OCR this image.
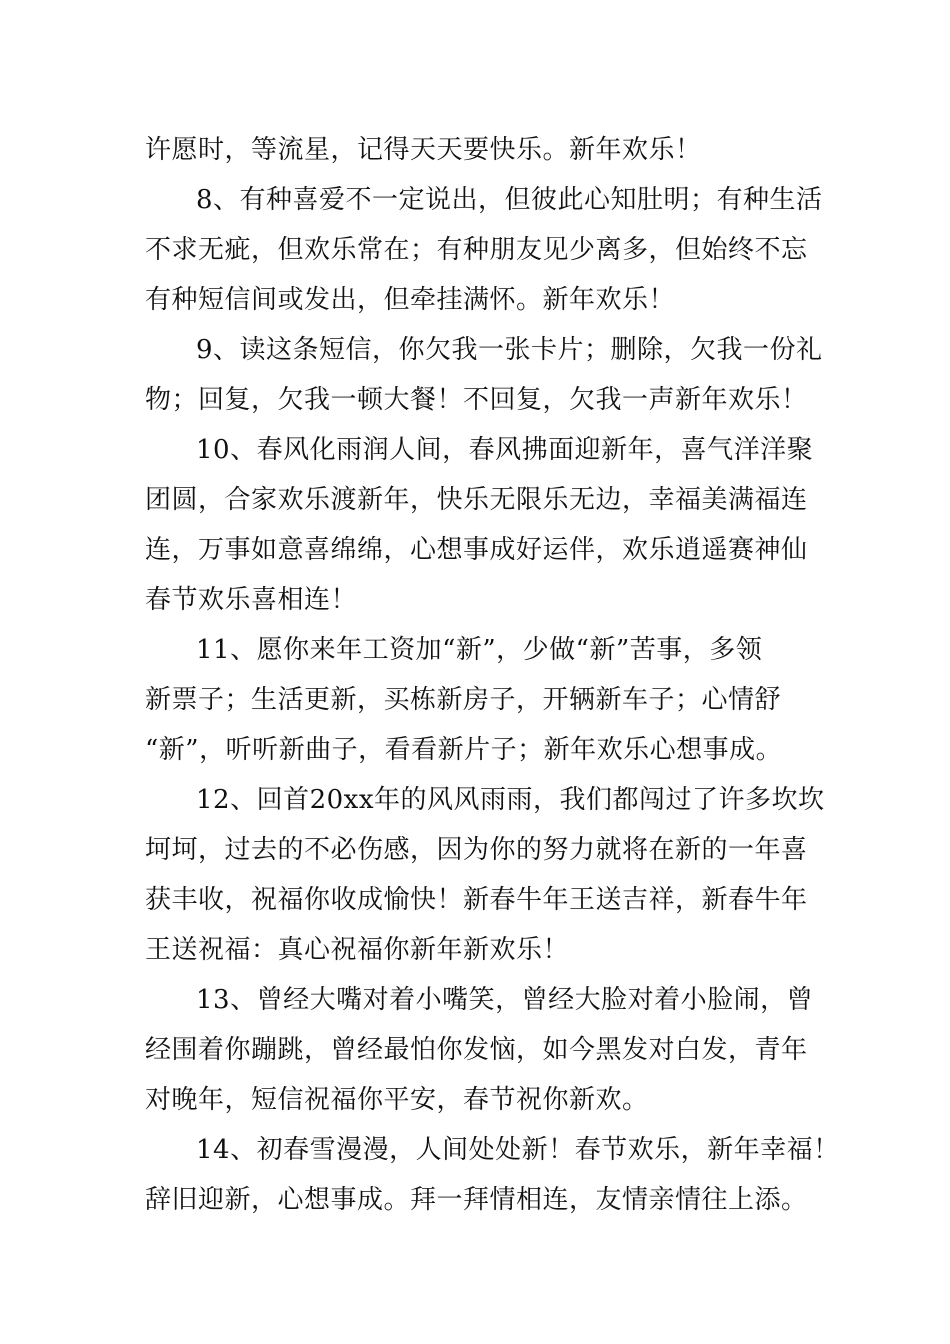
许愿时，等流星，记得天天要快乐。新年欢乐！
8、有种喜爱不一定说出，但彼此心知肚明；有种生活
不求无疵，但欢乐常在；有种朋友见少离多，但始终不忘
有种短信间或发出，但牵挂满怀。新年欢乐！
9、读这条短信，你欠我一张卡片；删除，欠我一份礼
物；回复，欠我一顿大餐！不回复，欠我一声新年欢乐！
10、春风化雨润人间，春风拂面迎新年，喜气洋洋聚
团圆，合家欢乐渡新年，快乐无限乐无边，幸福美满福连
连，万事如意喜绵绵，心想事成好运伴，欢乐逍遥赛神仙
春节欢乐喜相连！
11、愿你来年工资加“新”，少做“新”苦事，多领
新票子；生活更新，买栋新房子，开辆新车子；心情舒
“新”，听听新曲子，看看新片子；新年欢乐心想事成。
12、回首20xx年的风风雨雨，我们都闯过了许多坎坎
坷坷，过去的不必伤感，因为你的努力就将在新的一年喜
获丰收，祝福你收成愉快！新春牛年王送吉祥，新春牛年
王送祝福：真心祝福你新年新欢乐！
13、曾经大嘴对着小嘴笑，曾经大脸对着小脸闹，曾
经围着你蹦跳，曾经最怕你发恼，如今黑发对白发，青年
对晚年，短信祝福你平安，春节祝你新欢。
14、初春雪漫漫，人间处处新！春节欢乐，新年幸福！
辞旧迎新，心想事成。拜一拜情相连，友情亲情往上添。
